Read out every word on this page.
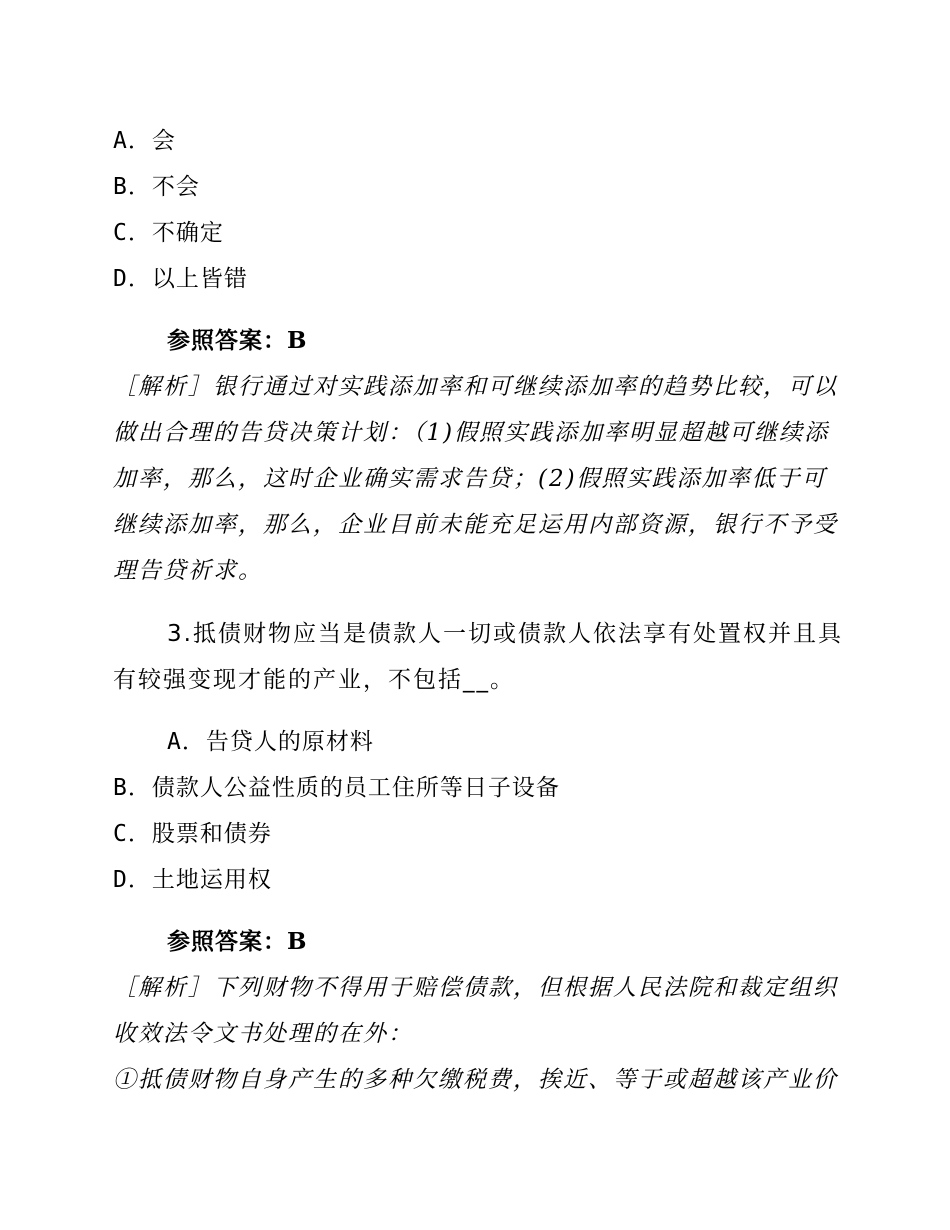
A．会
B．不会
C．不确定
D．以上皆错
参照答案：B
［解析］银行通过对实践添加率和可继续添加率的趋势比较，可以
做出合理的告贷决策计划：（1)假照实践添加率明显超越可继续添
加率，那么，这时企业确实需求告贷；(2)假照实践添加率低于可
继续添加率，那么，企业目前未能充足运用内部资源，银行不予受
理告贷祈求。
3.抵债财物应当是债款人一切或债款人依法享有处置权并且具
有较强变现才能的产业，不包括__。
A．告贷人的原材料
B．债款人公益性质的员工住所等日子设备
C．股票和债券
D．土地运用权
参照答案：B
［解析］下列财物不得用于赔偿债款，但根据人民法院和裁定组织
收效法令文书处理的在外：
①抵债财物自身产生的多种欠缴税费，挨近、等于或超越该产业价
